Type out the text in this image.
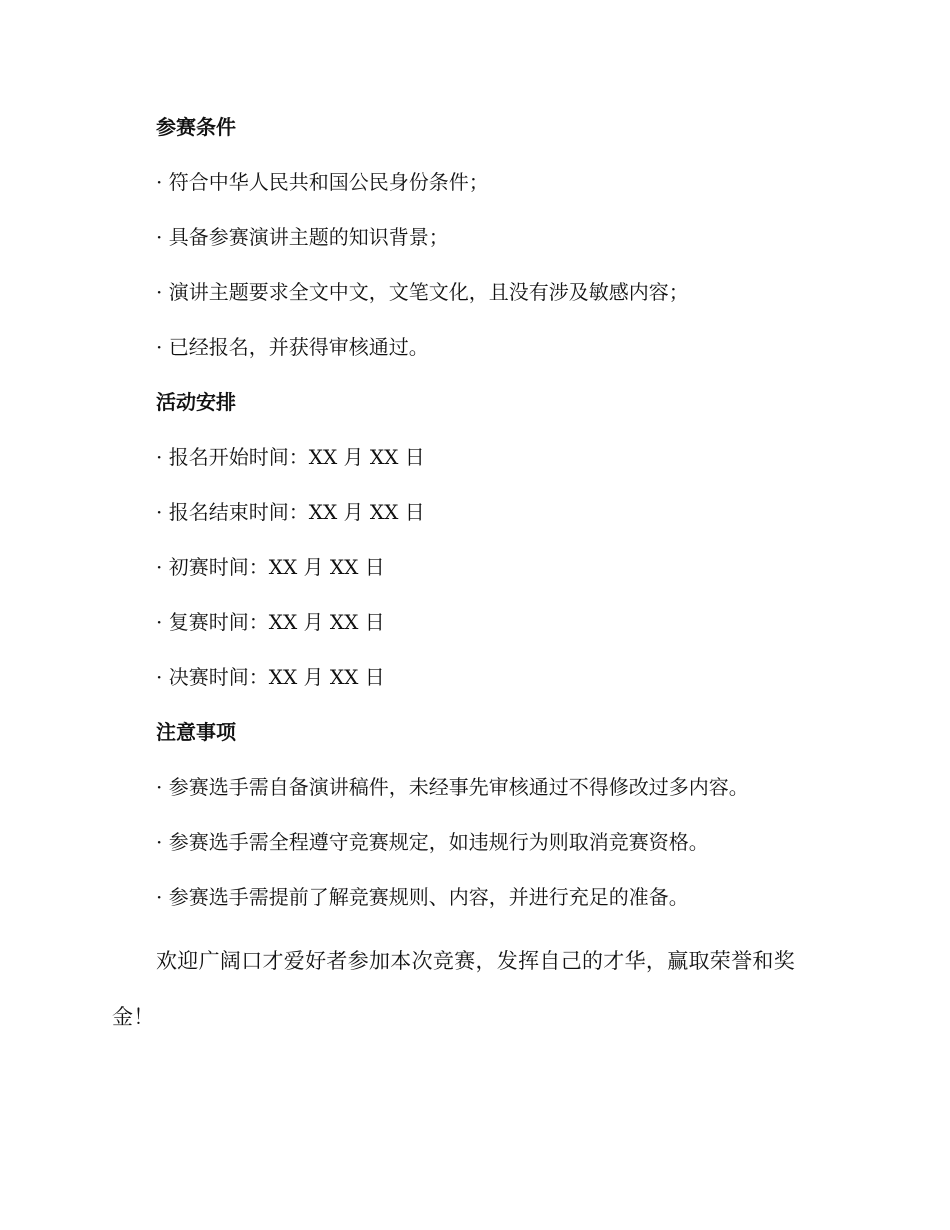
参赛条件
· 符合中华人民共和国公民身份条件；
· 具备参赛演讲主题的知识背景；
· 演讲主题要求全文中文，文笔文化，且没有涉及敏感内容；
· 已经报名，并获得审核通过。
活动安排
· 报名开始时间：XX 月 XX 日
· 报名结束时间：XX 月 XX 日
· 初赛时间：XX 月 XX 日
· 复赛时间：XX 月 XX 日
· 决赛时间：XX 月 XX 日
注意事项
· 参赛选手需自备演讲稿件，未经事先审核通过不得修改过多内容。
· 参赛选手需全程遵守竞赛规定，如违规行为则取消竞赛资格。
· 参赛选手需提前了解竞赛规则、内容，并进行充足的准备。

欢迎广阔口才爱好者参加本次竞赛，发挥自己的才华，赢取荣誉和奖金！
